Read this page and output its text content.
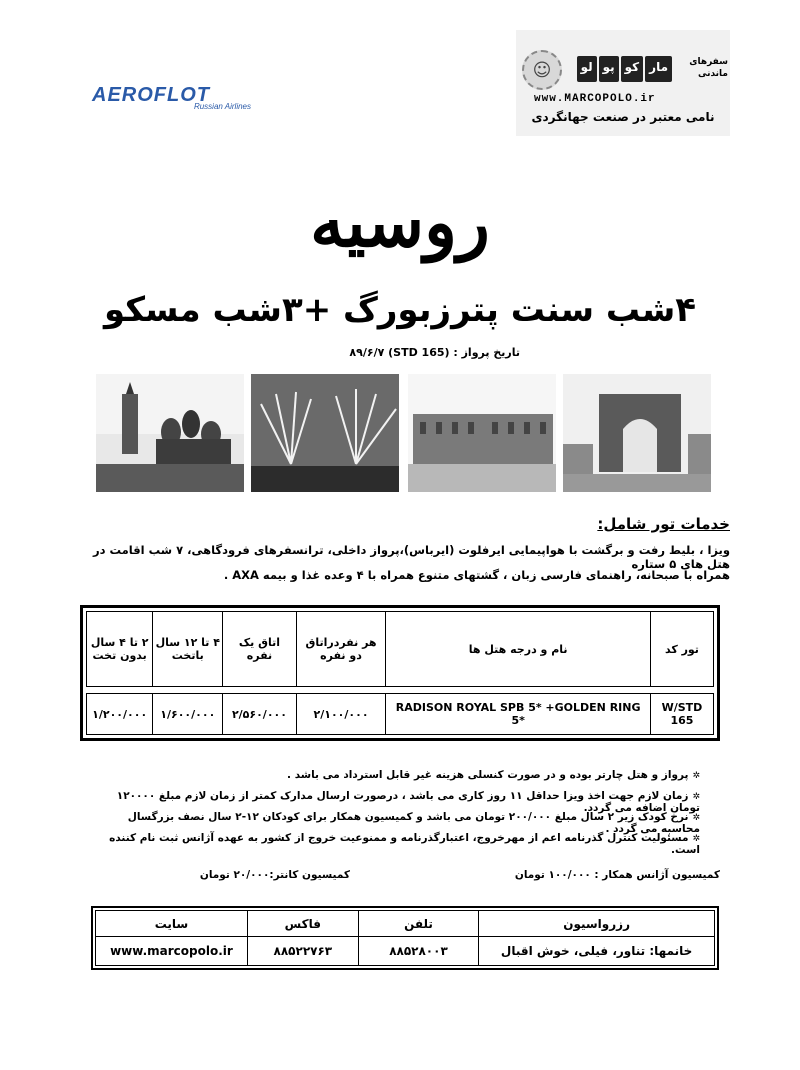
AEROFLOT
Russian Airlines
☺	مار
کو
پو
لو	سفرهای ماندنی
www.MARCOPOLO.ir
نامی معتبر در صنعت جهانگردی
روسیه
۴شب سنت پترزبورگ +۳شب مسکو
تاریخ پرواز : (STD 165) ۸۹/۶/۷
خدمات تور شامل:
ویزا ، بلیط رفت و برگشت با هواپیمایی ایرفلوت (ایرباس)،پرواز داخلی، ترانسفرهای فرودگاهی، ۷ شب اقامت در هتل های ۵ ستاره
همراه با صبحانه، راهنمای فارسی زبان ، گشتهای متنوع همراه با ۴ وعده غذا و بیمه AXA .
تور کد	نام و درجه هتل ها	هر نفردراتاق دو نفره	اتاق یک نفره	۴ تا ۱۲ سال باتخت	۲ تا ۴ سال بدون تخت

W/STD 165	RADISON ROYAL SPB 5* +GOLDEN RING 5*	۲/۱۰۰/۰۰۰	۲/۵۶۰/۰۰۰	۱/۶۰۰/۰۰۰	۱/۲۰۰/۰۰۰
✲پرواز و هتل چارتر بوده و در صورت کنسلی هزینه غیر قابل استرداد می باشد .
✲زمان لازم جهت اخذ ویزا حداقل ۱۱ روز کاری می باشد ، درصورت ارسال مدارک کمتر از زمان لازم مبلغ ۱۲۰۰۰۰ تومان اضافه می گردد.
✲نرخ کودک زیر ۲ سال مبلغ ۲۰۰/۰۰۰ تومان می باشد و کمیسیون همکار برای کودکان ۱۲-۲ سال نصف بزرگسال محاسبه می گردد .
✲مسئولیت کنترل گذرنامه اعم از مهرخروج، اعتبارگذرنامه و ممنوعیت خروج از کشور به عهده آژانس ثبت نام کننده است.
کمیسیون آژانس همکار : ۱۰۰/۰۰۰ تومان
کمیسیون کانتر:۲۰/۰۰۰ تومان
رزرواسیون	تلفن	فاکس	سایت
خانمها: تناور، فیلی، خوش اقبال	۸۸۵۲۸۰۰۳	۸۸۵۲۲۷۶۳	www.marcopolo.ir
